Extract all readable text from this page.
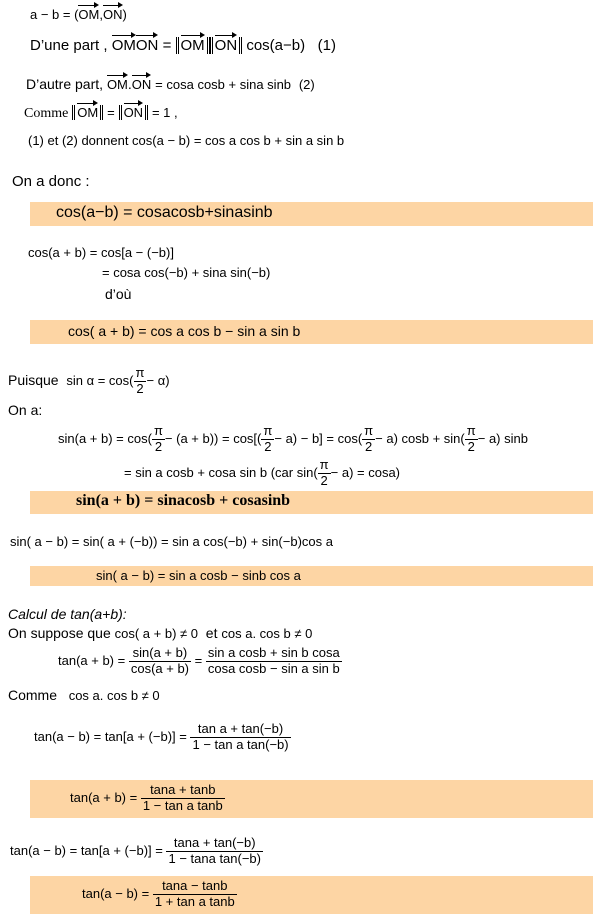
a − b = (OM,ON)
D’une part , OMON = OM ON cos(a−b) (1)
D’autre part, OM.ON = cosa cosb + sina sinb (2)
Comme OM = ON = 1 ,
(1) et (2) donnent cos(a − b) = cos a cos b + sin a sin b
On a donc :
cos(a−b) = cosacosb+sinasinb
cos(a + b) = cos[a − (−b)]
= cosa cos(−b) + sina sin(−b)
d’où
cos( a + b) = cos a cos b − sin a sin b
Puisque $\sin \alpha = \cos( \frac{\pi}{2} - \alpha)$
On a:
$\sin(a + b) = \cos( \frac{\pi}{2} - (a + b)) = \cos[( \frac{\pi}{2} - a) - b] = \cos( \frac{\pi}{2} - a)$ $\cos b + \sin( \frac{\pi}{2} - a)$ sinb
= sin a cosb + cosa sin b (car $\sin( \frac{\pi}{2} - a) = \cos a$)
sin(a + b) = sinacosb + cosasinb
sin( a − b) = sin( a + (−b)) = sin a cos(−b) + sin(−b)cos a
sin( a − b) = sin a cosb − sinb cos a
Calcul de tan(a+b):
On suppose que cos( a + b) ≠ 0 et cos a. cos b ≠ 0
$\tan(a + b) = \frac{\sin(a + b)}{\cos(a + b)} = \frac{\text{sin a cosb + sin b cosa}}{\text{cosa cosb − sin a sin b}}$
Comme cos a. cos b ≠ 0
$\tan(a - b) = \tan[a + (-b)] = \frac{\text{tan a + tan(−b)}}{\text{1 − tan a tan(−b)}}$
$\tan(a + b) = \frac{\tan a + \tan b}{\text{1 − tan a tanb}}$
$\tan(a - b) = \tan[a + (-b)] = \frac{\tan a + \tan(-b)}{\text{1 − tana tan(−b)}}$
$\tan(a - b) = \frac{\tan a - \tan b}{\text{1 + tan a tanb}}$
